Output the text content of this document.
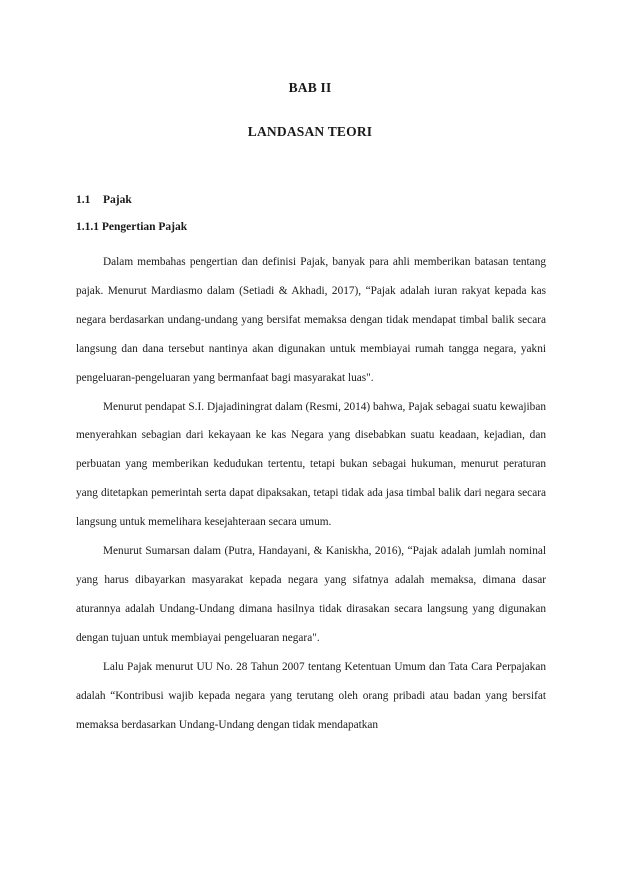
BAB II
LANDASAN TEORI
1.1 Pajak
1.1.1 Pengertian Pajak

Dalam membahas pengertian dan definisi Pajak, banyak para ahli memberikan batasan tentang pajak. Menurut Mardiasmo dalam (Setiadi & Akhadi, 2017), “Pajak adalah iuran rakyat kepada kas negara berdasarkan undang-undang yang bersifat memaksa dengan tidak mendapat timbal balik secara langsung dan dana tersebut nantinya akan digunakan untuk membiayai rumah tangga negara, yakni pengeluaran-pengeluaran yang bermanfaat bagi masyarakat luas".

Menurut pendapat S.I. Djajadiningrat dalam (Resmi, 2014) bahwa, Pajak sebagai suatu kewajiban menyerahkan sebagian dari kekayaan ke kas Negara yang disebabkan suatu keadaan, kejadian, dan perbuatan yang memberikan kedudukan tertentu, tetapi bukan sebagai hukuman, menurut peraturan yang ditetapkan pemerintah serta dapat dipaksakan, tetapi tidak ada jasa timbal balik dari negara secara langsung untuk memelihara kesejahteraan secara umum.

Menurut Sumarsan dalam (Putra, Handayani, & Kaniskha, 2016), “Pajak adalah jumlah nominal yang harus dibayarkan masyarakat kepada negara yang sifatnya adalah memaksa, dimana dasar aturannya adalah Undang-Undang dimana hasilnya tidak dirasakan secara langsung yang digunakan dengan tujuan untuk membiayai pengeluaran negara".

Lalu Pajak menurut UU No. 28 Tahun 2007 tentang Ketentuan Umum dan Tata Cara Perpajakan adalah “Kontribusi wajib kepada negara yang terutang oleh orang pribadi atau badan yang bersifat memaksa berdasarkan Undang-Undang dengan tidak mendapatkan
